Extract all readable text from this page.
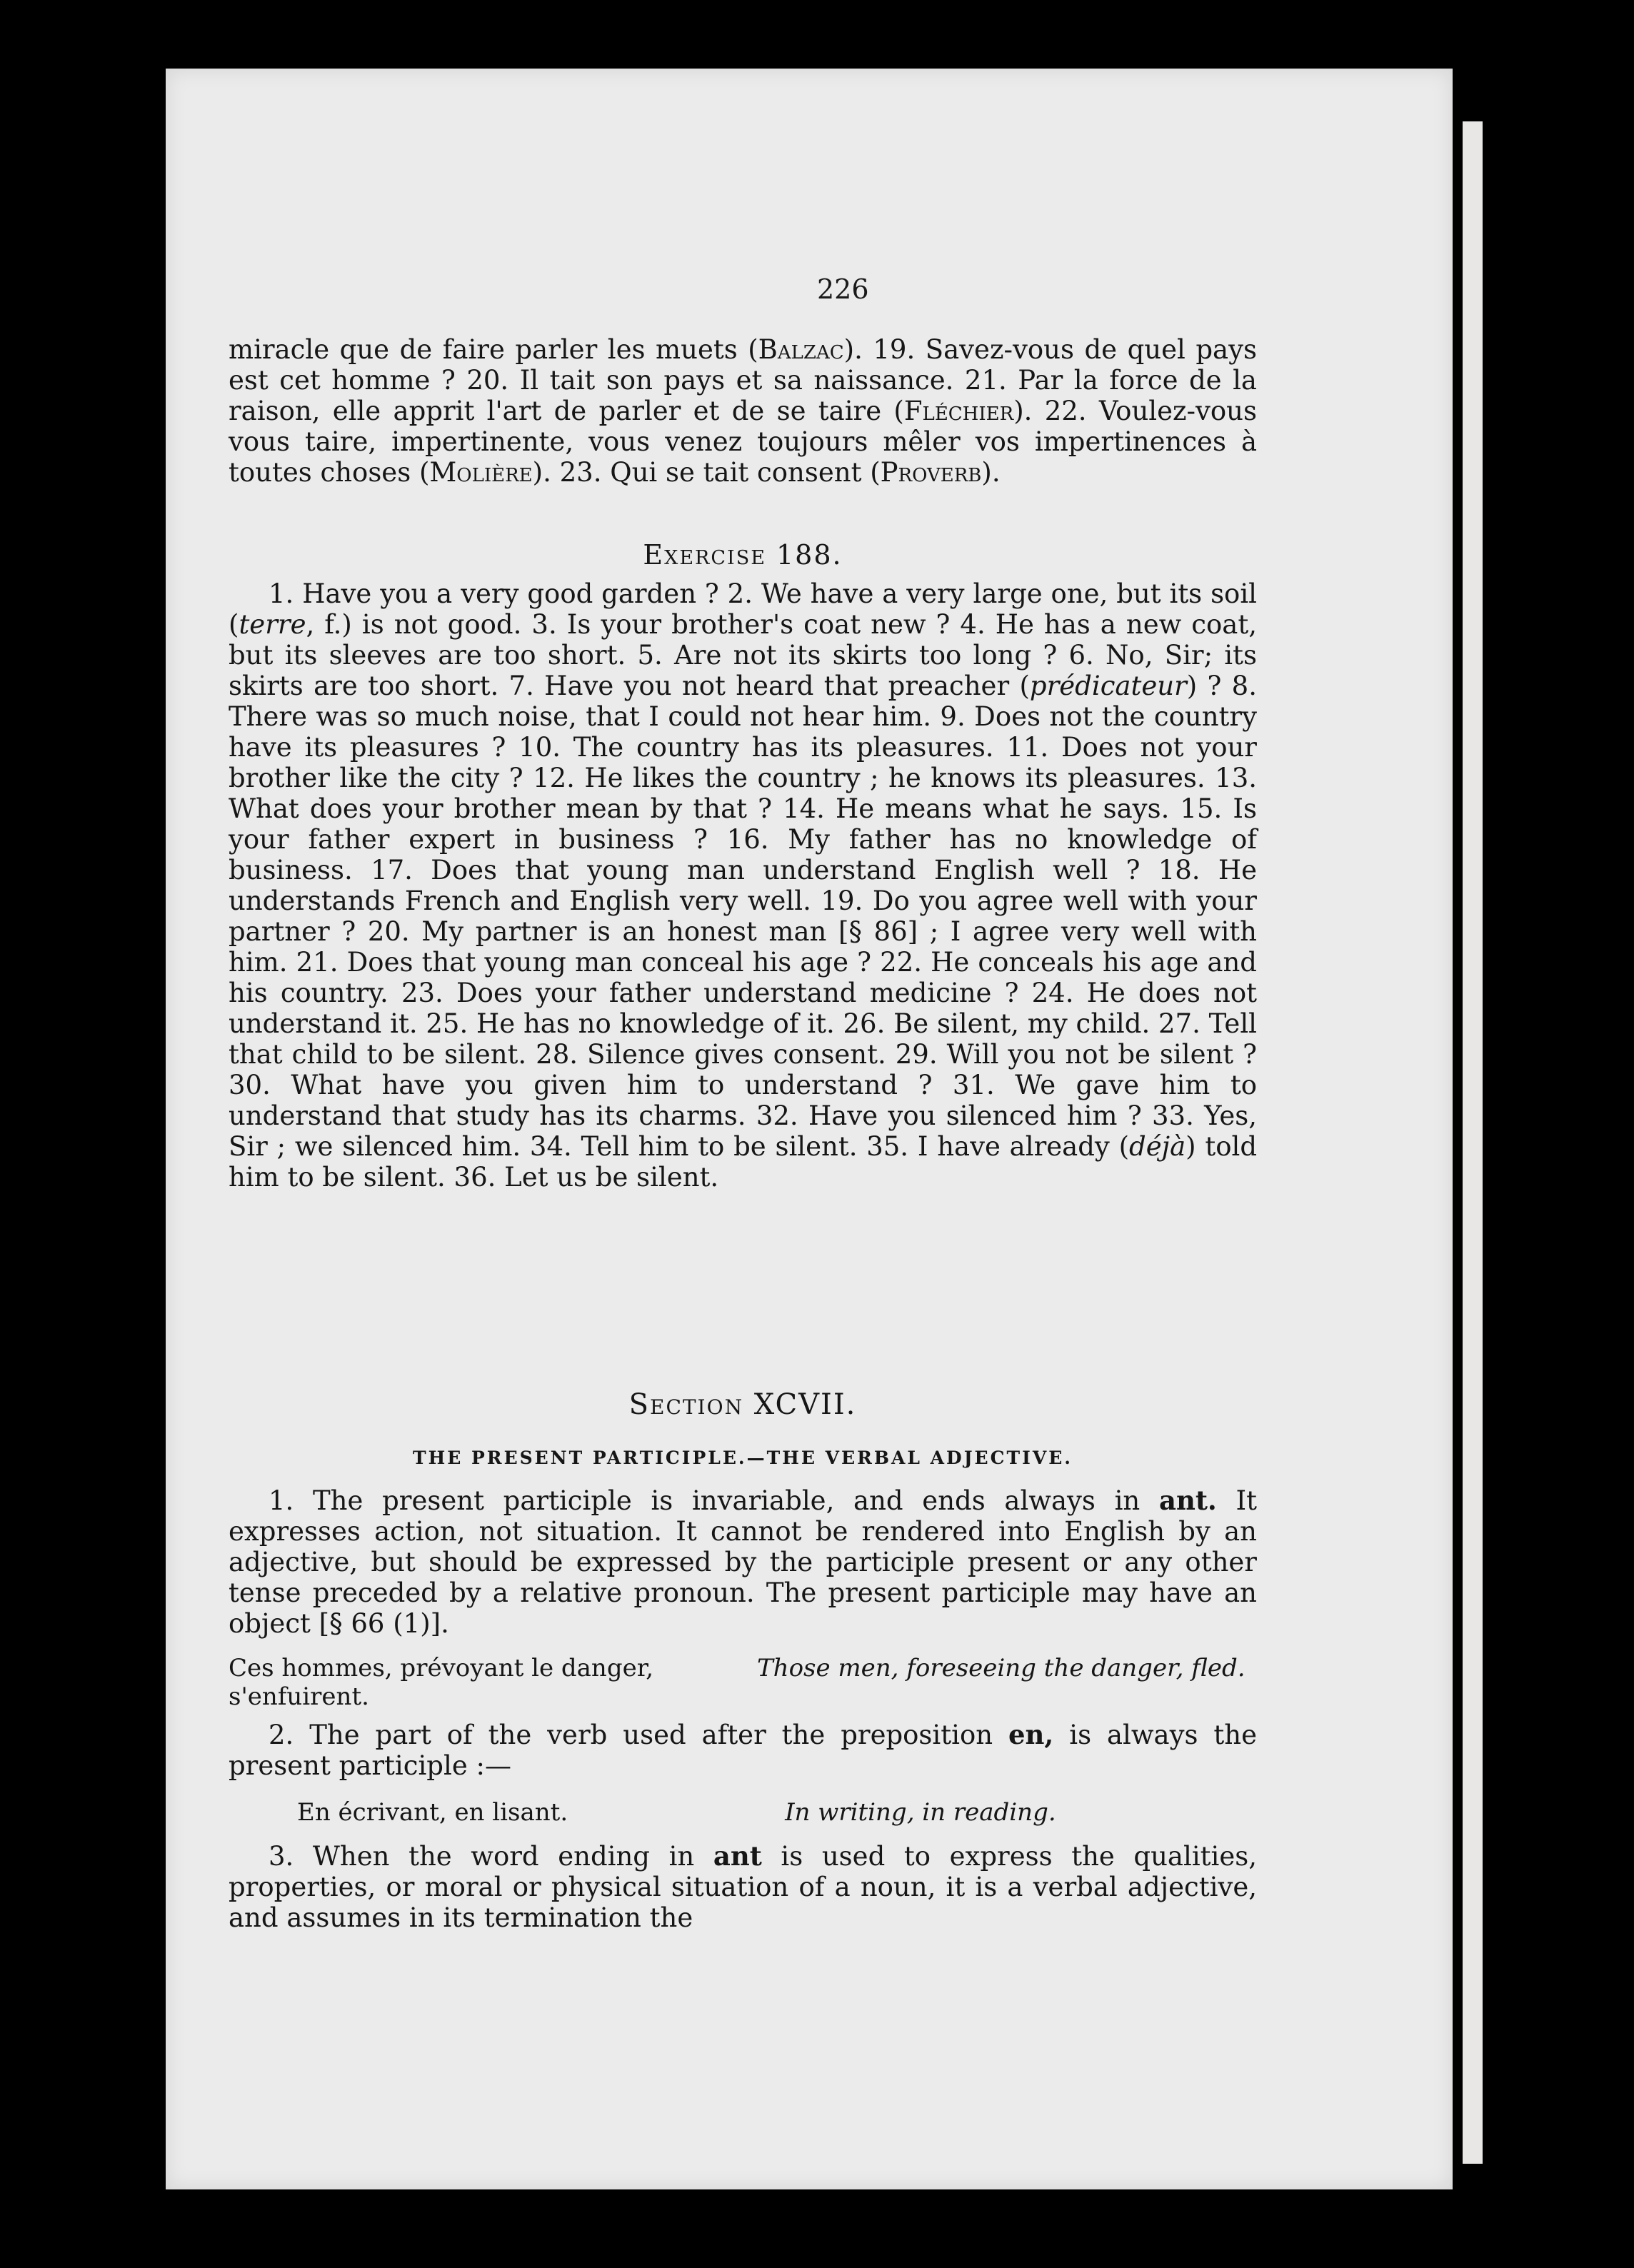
226

miracle que de faire parler les muets (Balzac). 19. Savez-vous de quel pays est cet homme ? 20. Il tait son pays et sa naissance. 21. Par la force de la raison, elle apprit l'art de parler et de se taire (Fléchier). 22. Voulez-vous vous taire, impertinente, vous venez toujours mêler vos impertinences à toutes choses (Molière). 23. Qui se tait consent (Proverb).

Exercise 188.

1. Have you a very good garden ? 2. We have a very large one, but its soil (terre, f.) is not good. 3. Is your brother's coat new ? 4. He has a new coat, but its sleeves are too short. 5. Are not its skirts too long ? 6. No, Sir; its skirts are too short. 7. Have you not heard that preacher (prédicateur) ? 8. There was so much noise, that I could not hear him. 9. Does not the country have its pleasures ? 10. The country has its pleasures. 11. Does not your brother like the city ? 12. He likes the country ; he knows its pleasures. 13. What does your brother mean by that ? 14. He means what he says. 15. Is your father expert in business ? 16. My father has no knowledge of business. 17. Does that young man understand English well ? 18. He understands French and English very well. 19. Do you agree well with your partner ? 20. My partner is an honest man [§ 86] ; I agree very well with him. 21. Does that young man conceal his age ? 22. He conceals his age and his country. 23. Does your father understand medicine ? 24. He does not understand it. 25. He has no knowledge of it. 26. Be silent, my child. 27. Tell that child to be silent. 28. Silence gives consent. 29. Will you not be silent ? 30. What have you given him to understand ? 31. We gave him to understand that study has its charms. 32. Have you silenced him ? 33. Yes, Sir ; we silenced him. 34. Tell him to be silent. 35. I have already (déjà) told him to be silent. 36. Let us be silent.

Section XCVII.

THE PRESENT PARTICIPLE.—THE VERBAL ADJECTIVE.

1. The present participle is invariable, and ends always in ant. It expresses action, not situation. It cannot be rendered into English by an adjective, but should be expressed by the participle present or any other tense preceded by a relative pronoun. The present participle may have an object [§ 66 (1)].

Ces hommes, prévoyant le danger, s'enfuirent.
Those men, foreseeing the danger, fled.

2. The part of the verb used after the preposition en, is always the present participle :—

En écrivant, en lisant.	In writing, in reading.

3. When the word ending in ant is used to express the qualities, properties, or moral or physical situation of a noun, it is a verbal adjective, and assumes in its termination the
